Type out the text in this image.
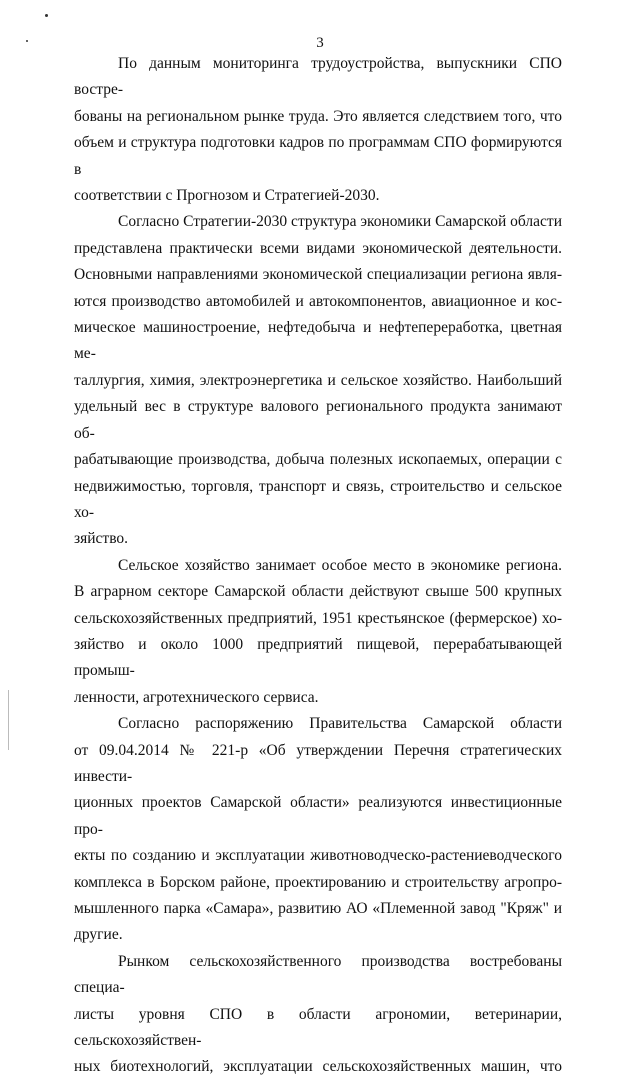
3
По данным мониторинга трудоустройства, выпускники СПО востре-
бованы на региональном рынке труда. Это является следствием того, что
объем и структура подготовки кадров по программам СПО формируются в
соответствии с Прогнозом и Стратегией-2030.
Согласно Стратегии-2030 структура экономики Самарской области
представлена практически всеми видами экономической деятельности.
Основными направлениями экономической специализации региона явля-
ются производство автомобилей и автокомпонентов, авиационное и кос-
мическое машиностроение, нефтедобыча и нефтепереработка, цветная ме-
таллургия, химия, электроэнергетика и сельское хозяйство. Наибольший
удельный вес в структуре валового регионального продукта занимают об-
рабатывающие производства, добыча полезных ископаемых, операции с
недвижимостью, торговля, транспорт и связь, строительство и сельское хо-
зяйство.
Сельское хозяйство занимает особое место в экономике региона.
В аграрном секторе Самарской области действуют свыше 500 крупных
сельскохозяйственных предприятий, 1951 крестьянское (фермерское) хо-
зяйство и около 1000 предприятий пищевой, перерабатывающей промыш-
ленности, агротехнического сервиса.
Согласно распоряжению Правительства Самарской области
от 09.04.2014 № 221-р «Об утверждении Перечня стратегических инвести-
ционных проектов Самарской области» реализуются инвестиционные про-
екты по созданию и эксплуатации животноводческо-растениеводческого
комплекса в Борском районе, проектированию и строительству агропро-
мышленного парка «Самара», развитию АО «Племенной завод "Кряж" и
другие.
Рынком сельскохозяйственного производства востребованы специа-
листы уровня СПО в области агрономии, ветеринарии, сельскохозяйствен-
ных биотехнологий, эксплуатации сельскохозяйственных машин, что
